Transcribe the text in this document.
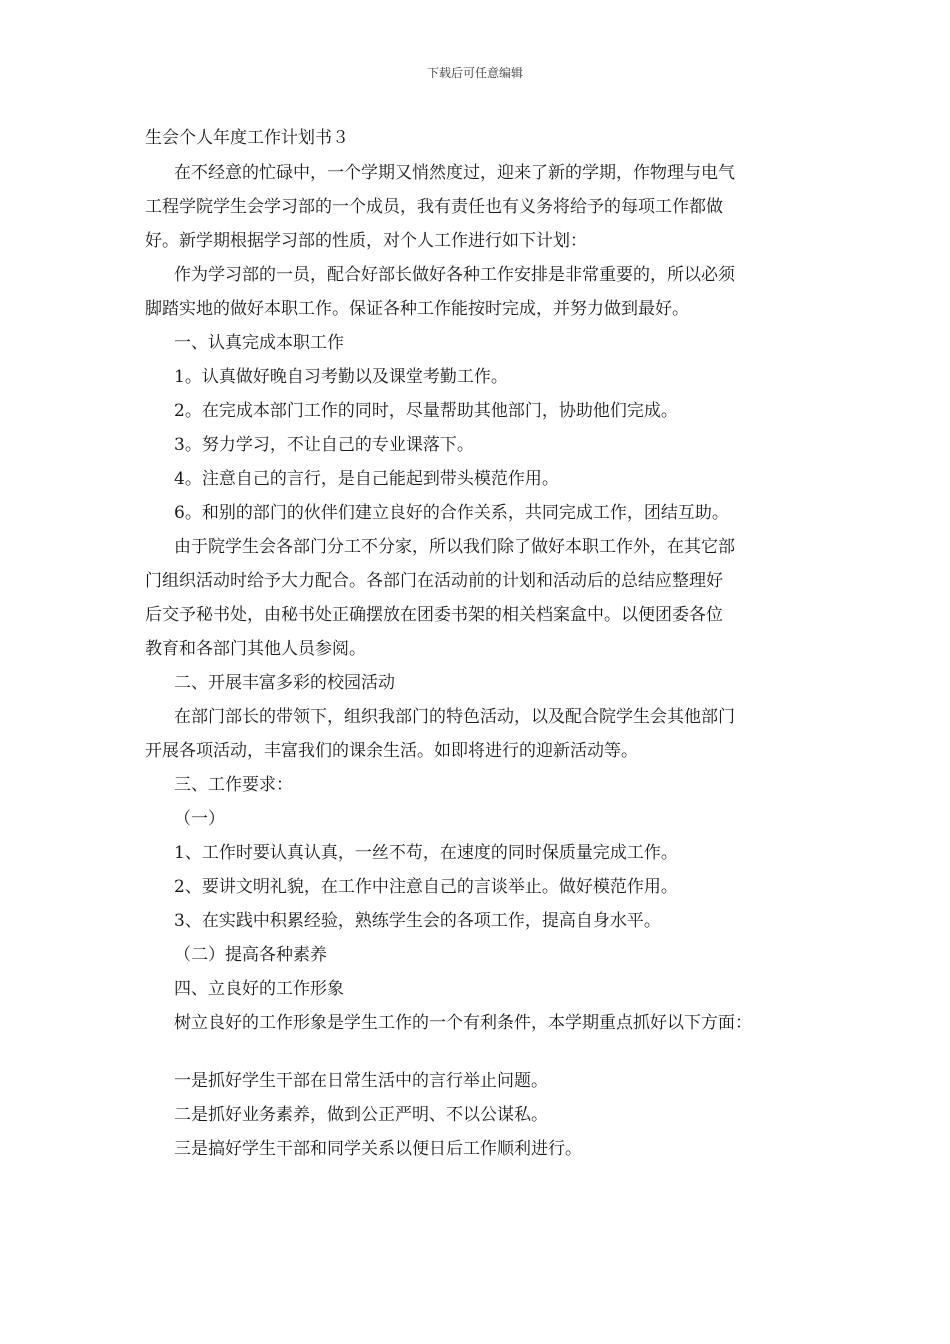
下载后可任意编辑
生会个人年度工作计划书３

在不经意的忙碌中，一个学期又悄然度过，迎来了新的学期，作物理与电气

工程学院学生会学习部的一个成员，我有责任也有义务将给予的每项工作都做

好。新学期根据学习部的性质，对个人工作进行如下计划：

作为学习部的一员，配合好部长做好各种工作安排是非常重要的，所以必须

脚踏实地的做好本职工作。保证各种工作能按时完成，并努力做到最好。

一、认真完成本职工作

1。认真做好晚自习考勤以及课堂考勤工作。

2。在完成本部门工作的同时，尽量帮助其他部门，协助他们完成。

3。努力学习，不让自己的专业课落下。

4。注意自己的言行，是自己能起到带头模范作用。

6。和别的部门的伙伴们建立良好的合作关系，共同完成工作，团结互助。

由于院学生会各部门分工不分家，所以我们除了做好本职工作外，在其它部

门组织活动时给予大力配合。各部门在活动前的计划和活动后的总结应整理好

后交予秘书处，由秘书处正确摆放在团委书架的相关档案盒中。以便团委各位

教育和各部门其他人员参阅。

二、开展丰富多彩的校园活动

在部门部长的带领下，组织我部门的特色活动，以及配合院学生会其他部门

开展各项活动，丰富我们的课余生活。如即将进行的迎新活动等。

三、工作要求：

（一）

1、工作时要认真认真，一丝不苟，在速度的同时保质量完成工作。

2、要讲文明礼貌，在工作中注意自己的言谈举止。做好模范作用。

3、在实践中积累经验，熟练学生会的各项工作，提高自身水平。

（二）提高各种素养

四、立良好的工作形象

树立良好的工作形象是学生工作的一个有利条件，本学期重点抓好以下方面：

一是抓好学生干部在日常生活中的言行举止问题。

二是抓好业务素养，做到公正严明、不以公谋私。

三是搞好学生干部和同学关系以便日后工作顺利进行。
